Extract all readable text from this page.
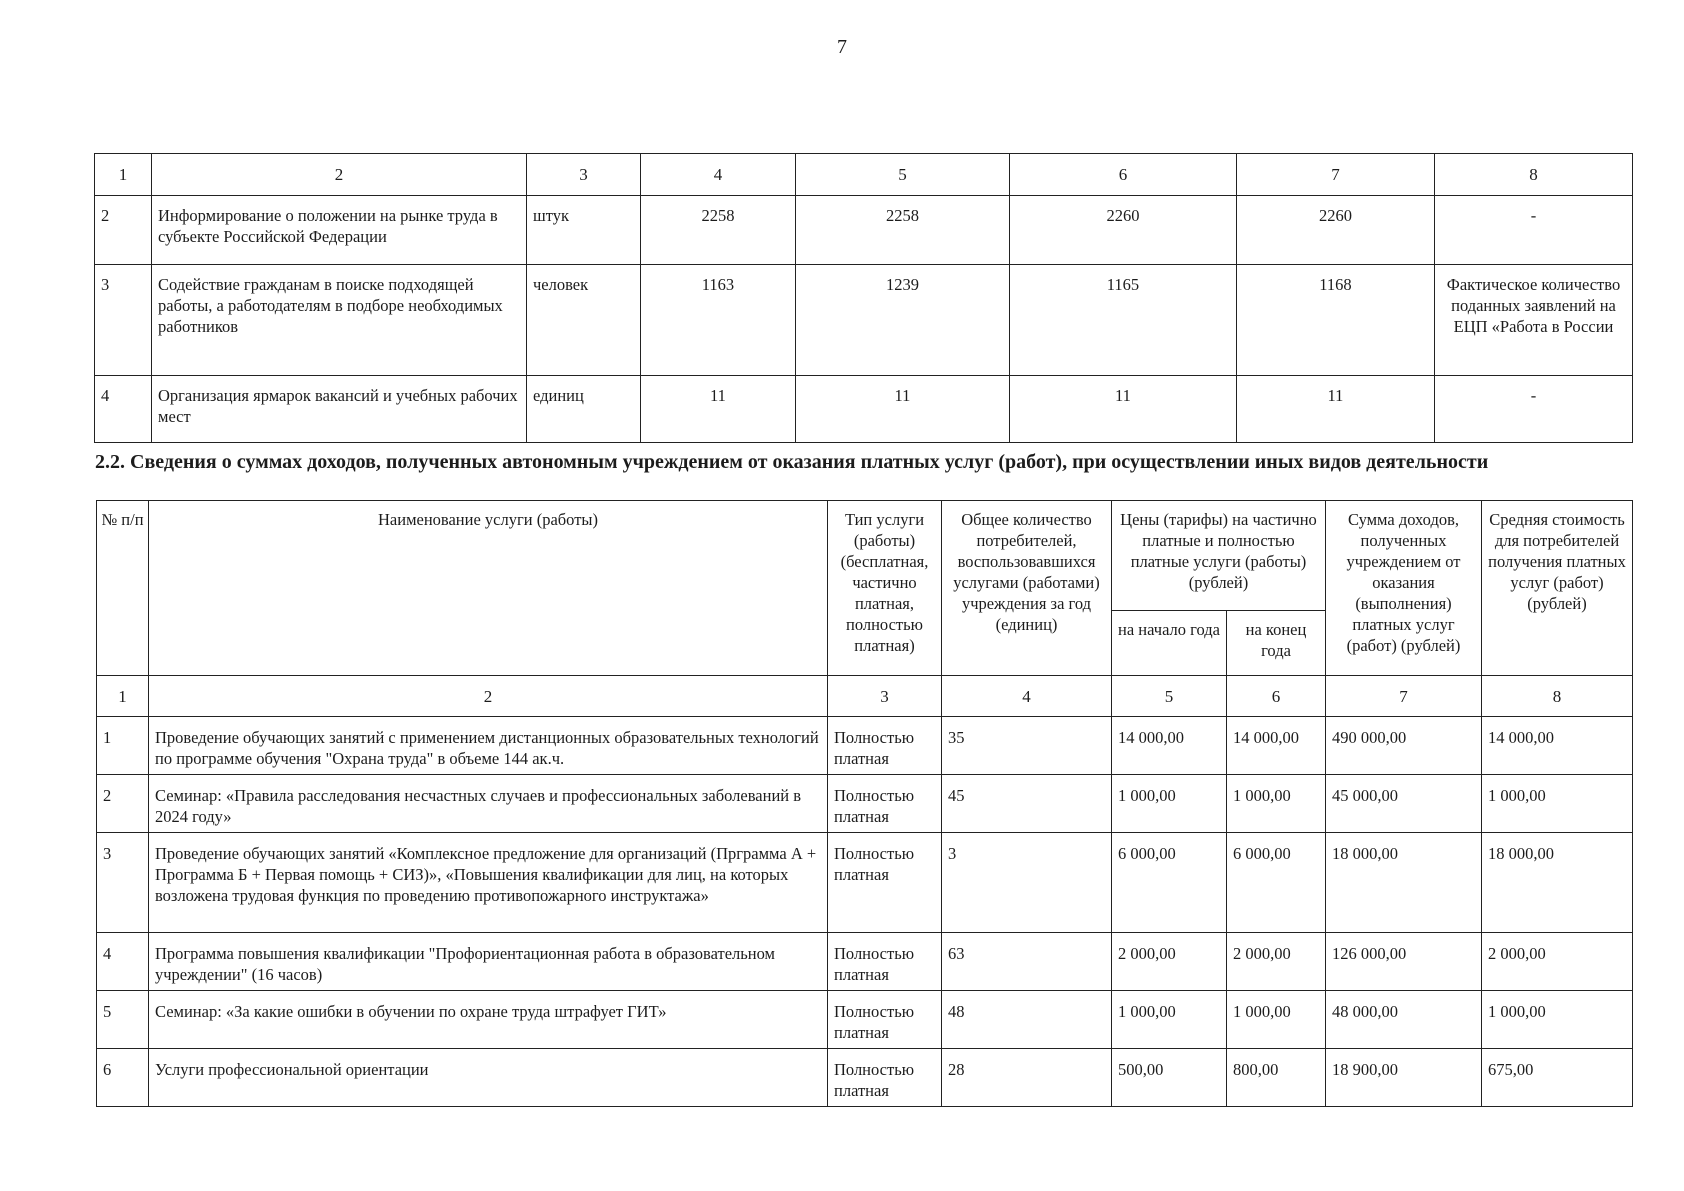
7
1	2	3	4	5	6	7	8
2	Информирование о положении на рынке труда в субъекте Российской Федерации	штук	2258	2258	2260	2260	-
3	Содействие гражданам в поиске подходящей работы, а работодателям в подборе необходимых работников	человек	1163	1239	1165	1168	Фактическое количество поданных заявлений на ЕЦП «Работа в России
4	Организация ярмарок вакансий и учебных рабочих мест	единиц	11	11	11	11	-
2.2. Сведения о суммах доходов, полученных автономным учреждением от оказания платных услуг (работ), при осуществлении иных видов деятельности
№ п/п	Наименование услуги (работы)	Тип услуги (работы) (бесплатная, частично платная, полностью платная)	Общее количество потребителей, воспользовавшихся услугами (работами) учреждения за год (единиц)	Цены (тарифы) на частично платные и полностью платные услуги (работы) (рублей)		Сумма доходов, полученных учреждением от оказания (выполнения) платных услуг (работ) (рублей)	Средняя стоимость для потребителей получения платных услуг (работ) (рублей)
				на начало года	на конец года		
1	2	3	4	5	6	7	8
1	Проведение обучающих занятий с применением дистанционных образовательных технологий по программе обучения "Охрана труда" в объеме 144 ак.ч.	Полностью платная	35	14 000,00	14 000,00	490 000,00	14 000,00
2	Семинар: «Правила расследования несчастных случаев и профессиональных заболеваний в 2024 году»	Полностью платная	45	1 000,00	1 000,00	45 000,00	1 000,00
3	Проведение обучающих занятий «Комплексное предложение для организаций (Прграмма А + Программа Б + Первая помощь + СИЗ)», «Повышения квалификации для лиц, на которых возложена трудовая функция по проведению противопожарного инструктажа»	Полностью платная	3	6 000,00	6 000,00	18 000,00	18 000,00
4	Программа повышения квалификации "Профориентационная работа в образовательном учреждении" (16 часов)	Полностью платная	63	2 000,00	2 000,00	126 000,00	2 000,00
5	Семинар: «За какие ошибки в обучении по охране труда штрафует ГИТ»	Полностью платная	48	1 000,00	1 000,00	48 000,00	1 000,00
6	Услуги профессиональной ориентации	Полностью платная	28	500,00	800,00	18 900,00	675,00
